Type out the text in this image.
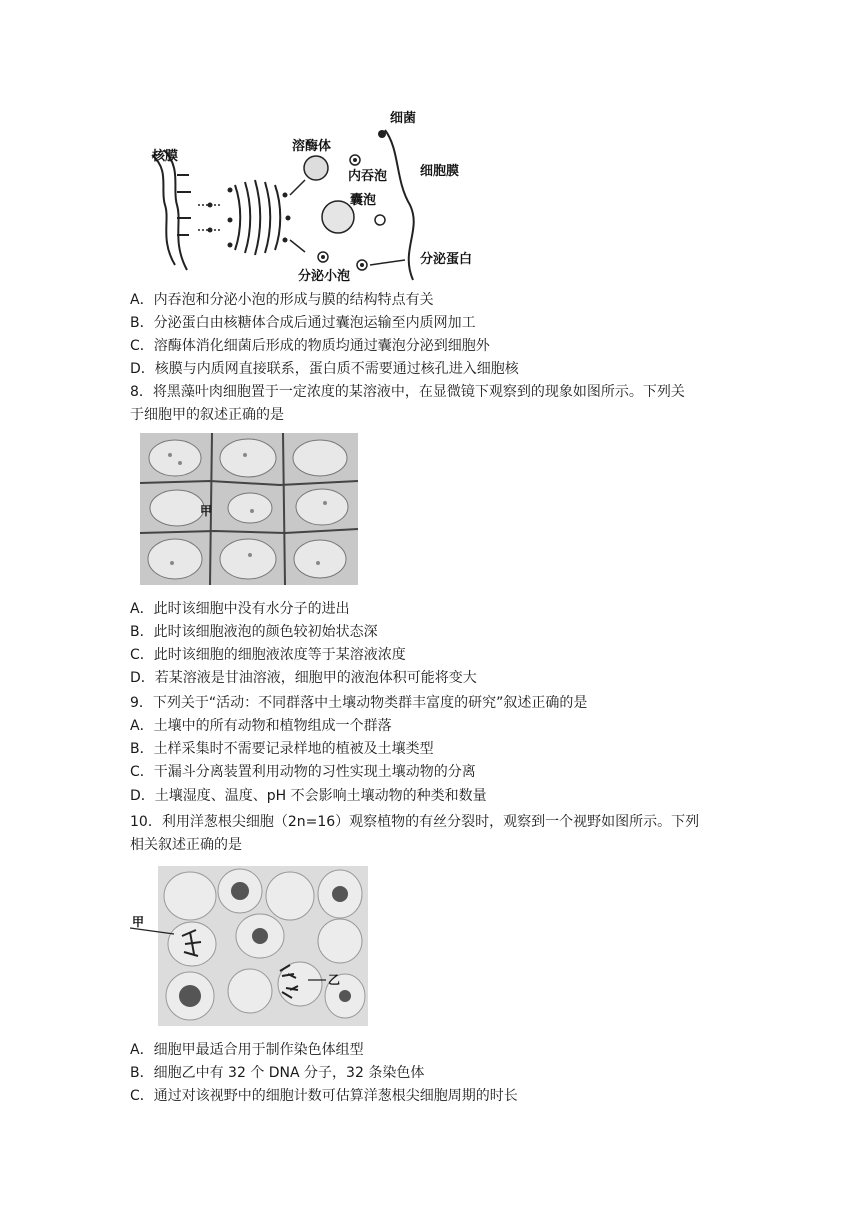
溶酶体
囊泡
内吞泡
分泌小泡
细胞膜
细菌
核膜
分泌蛋白
A．内吞泡和分泌小泡的形成与膜的结构特点有关
B．分泌蛋白由核糖体合成后通过囊泡运输至内质网加工
C．溶酶体消化细菌后形成的物质均通过囊泡分泌到细胞外
D．核膜与内质网直接联系，蛋白质不需要通过核孔进入细胞核
8．将黑藻叶肉细胞置于一定浓度的某溶液中，在显微镜下观察到的现象如图所示。下列关
于细胞甲的叙述正确的是
甲
A．此时该细胞中没有水分子的进出
B．此时该细胞液泡的颜色较初始状态深
C．此时该细胞的细胞液浓度等于某溶液浓度
D．若某溶液是甘油溶液，细胞甲的液泡体积可能将变大
9．下列关于“活动：不同群落中土壤动物类群丰富度的研究”叙述正确的是
A．土壤中的所有动物和植物组成一个群落
B．土样采集时不需要记录样地的植被及土壤类型
C．干漏斗分离装置利用动物的习性实现土壤动物的分离
D．土壤湿度、温度、pH 不会影响土壤动物的种类和数量
10．利用洋葱根尖细胞（2n=16）观察植物的有丝分裂时，观察到一个视野如图所示。下列
相关叙述正确的是
甲
乙
A．细胞甲最适合用于制作染色体组型
B．细胞乙中有 32 个 DNA 分子，32 条染色体
C．通过对该视野中的细胞计数可估算洋葱根尖细胞周期的时长
